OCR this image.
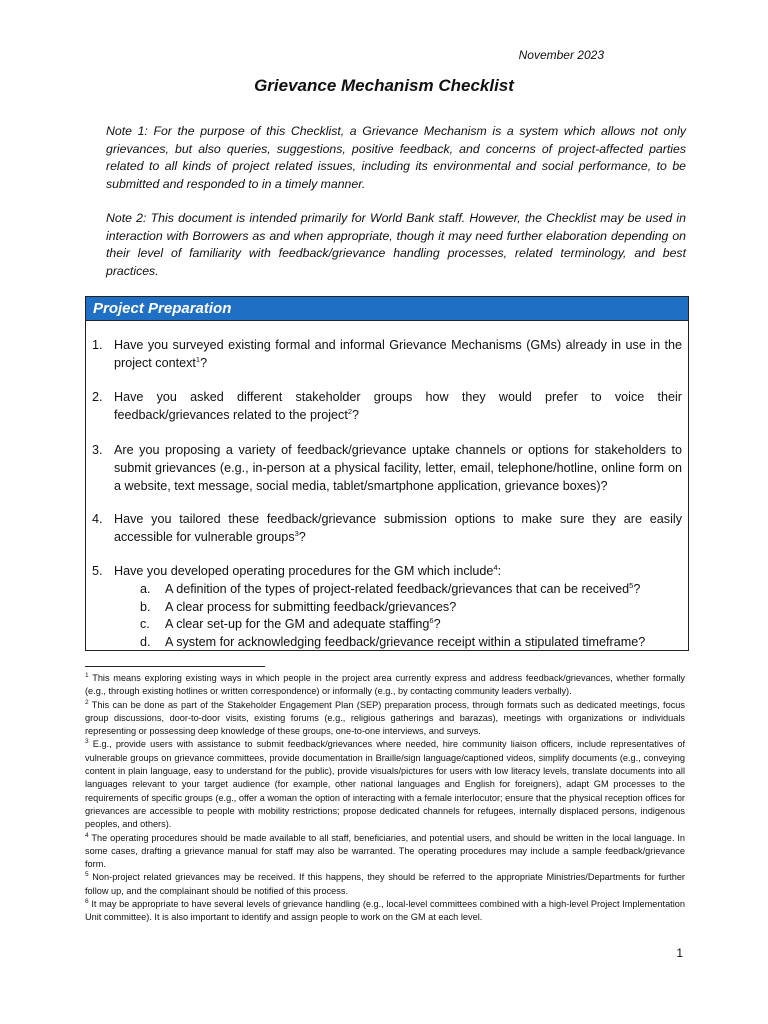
November 2023
Grievance Mechanism Checklist

Note 1: For the purpose of this Checklist, a Grievance Mechanism is a system which allows not only grievances, but also queries, suggestions, positive feedback, and concerns of project-affected parties related to all kinds of project related issues, including its environmental and social performance, to be submitted and responded to in a timely manner.

Note 2: This document is intended primarily for World Bank staff. However, the Checklist may be used in interaction with Borrowers as and when appropriate, though it may need further elaboration depending on their level of familiarity with feedback/grievance handling processes, related terminology, and best practices.

Project Preparation
1. Have you surveyed existing formal and informal Grievance Mechanisms (GMs) already in use in the project context$^1$?
2. Have you asked different stakeholder groups how they would prefer to voice their feedback/grievances related to the project$^2$?
3. Are you proposing a variety of feedback/grievance uptake channels or options for stakeholders to submit grievances (e.g., in-person at a physical facility, letter, email, telephone/hotline, online form on a website, text message, social media, tablet/smartphone application, grievance boxes)?
4. Have you tailored these feedback/grievance submission options to make sure they are easily accessible for vulnerable groups$^3$?
5. Have you developed operating procedures for the GM which include$^4$:
a. A definition of the types of project-related feedback/grievances that can be received$^5$?
b. A clear process for submitting feedback/grievances?
c. A clear set-up for the GM and adequate staffing$^6$?
d. A system for acknowledging feedback/grievance receipt within a stipulated timeframe?

$^1$ This means exploring existing ways in which people in the project area currently express and address feedback/grievances, whether formally (e.g., through existing hotlines or written correspondence) or informally (e.g., by contacting community leaders verbally).

$^2$ This can be done as part of the Stakeholder Engagement Plan (SEP) preparation process, through formats such as dedicated meetings, focus group discussions, door-to-door visits, existing forums (e.g., religious gatherings and barazas), meetings with organizations or individuals representing or possessing deep knowledge of these groups, one-to-one interviews, and surveys.

$^3$ E.g., provide users with assistance to submit feedback/grievances where needed, hire community liaison officers, include representatives of vulnerable groups on grievance committees, provide documentation in Braille/sign language/captioned videos, simplify documents (e.g., conveying content in plain language, easy to understand for the public), provide visuals/pictures for users with low literacy levels, translate documents into all languages relevant to your target audience (for example, other national languages and English for foreigners), adapt GM processes to the requirements of specific groups (e.g., offer a woman the option of interacting with a female interlocutor; ensure that the physical reception offices for grievances are accessible to people with mobility restrictions; propose dedicated channels for refugees, internally displaced persons, indigenous peoples, and others).

$^4$ The operating procedures should be made available to all staff, beneficiaries, and potential users, and should be written in the local language. In some cases, drafting a grievance manual for staff may also be warranted. The operating procedures may include a sample feedback/grievance form.

$^5$ Non-project related grievances may be received. If this happens, they should be referred to the appropriate Ministries/Departments for further follow up, and the complainant should be notified of this process.

$^6$ It may be appropriate to have several levels of grievance handling (e.g., local-level committees combined with a high-level Project Implementation Unit committee). It is also important to identify and assign people to work on the GM at each level.

1
